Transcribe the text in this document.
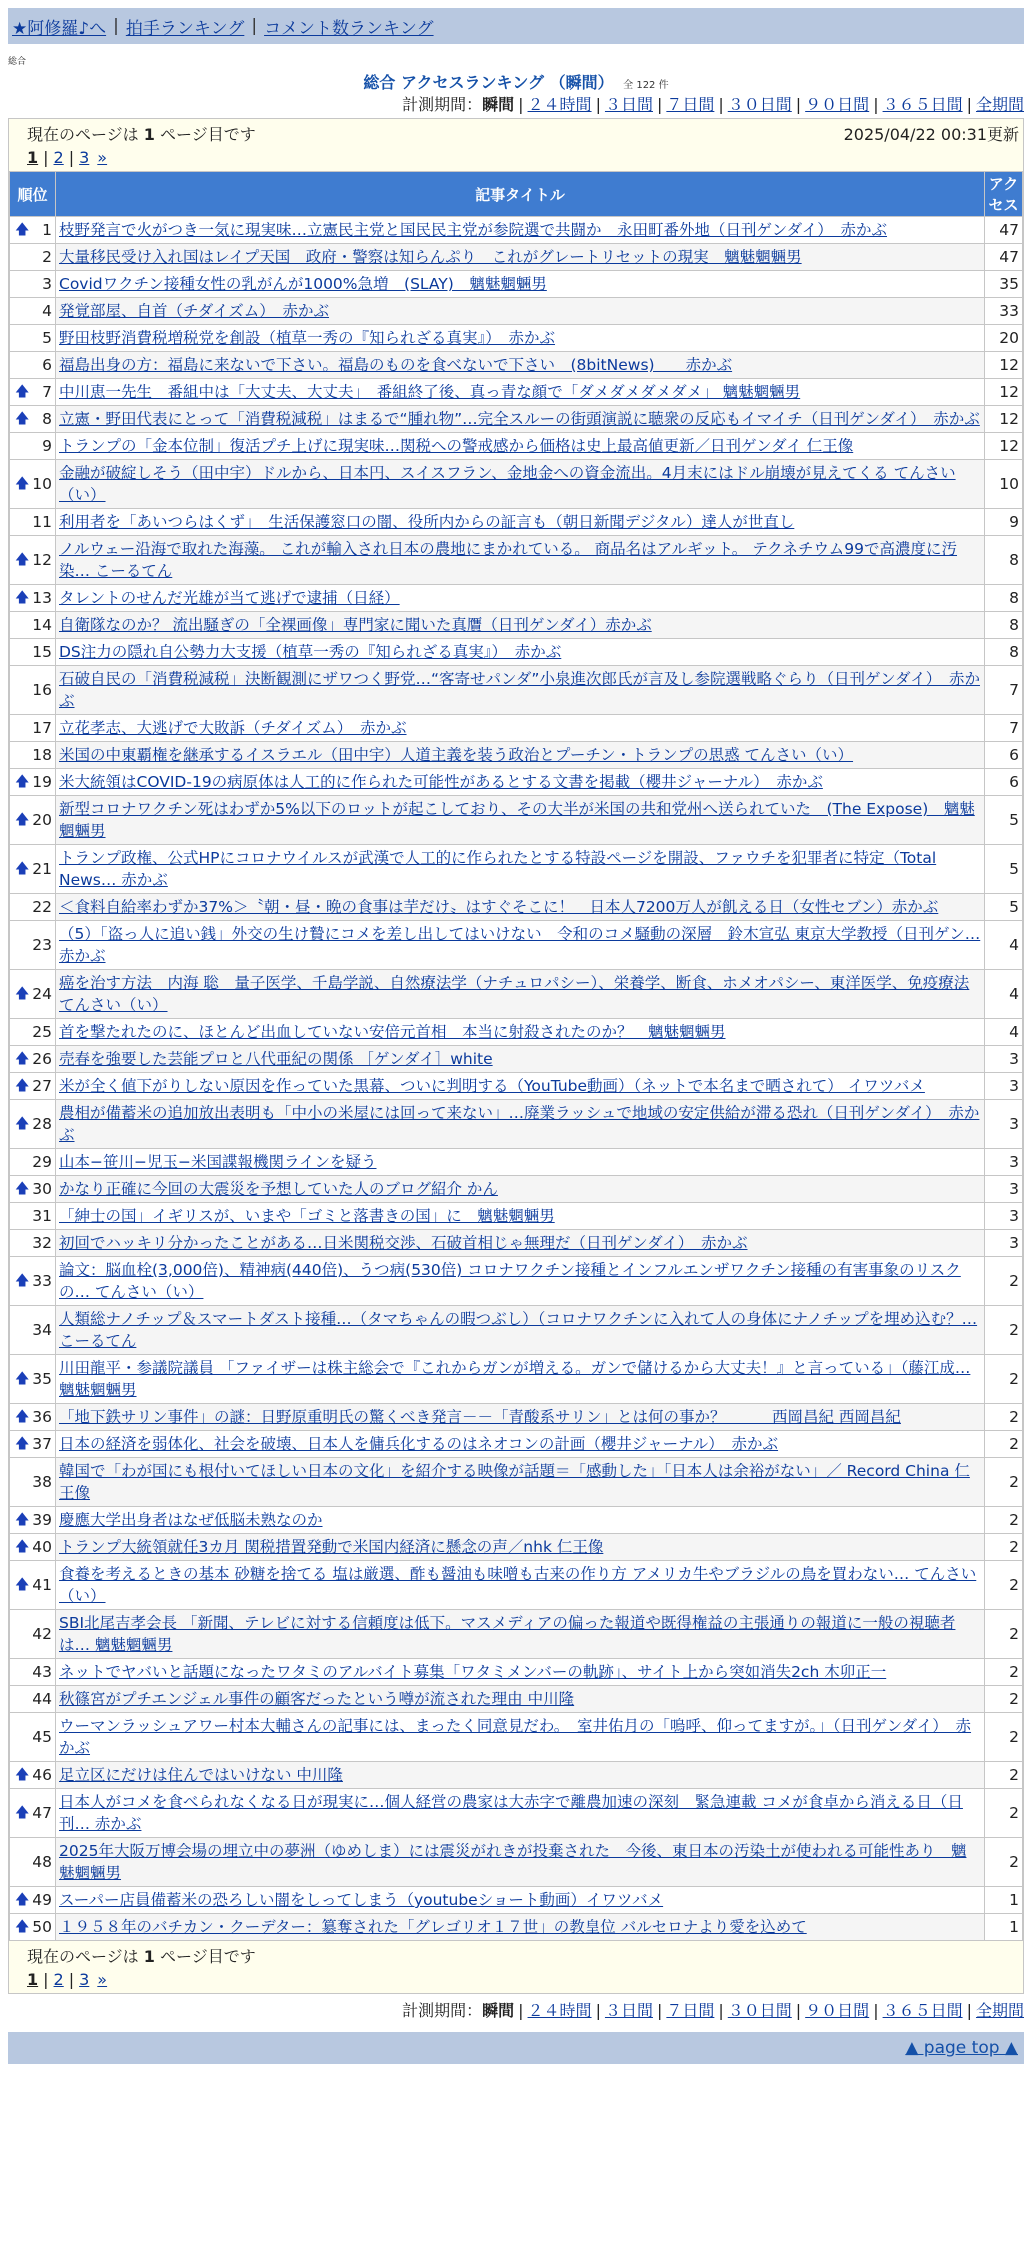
★阿修羅♪へ | 拍手ランキング | コメント数ランキング
総合
総合 アクセスランキング （瞬間） 全 122 件
計測期間：瞬間 | ２４時間 | ３日間 | ７日間 | ３０日間 | ９０日間 | ３６５日間 | 全期間
現在のページは 1 ページ目です	2025/04/22 00:31更新
1 | 2 | 3 »
順位	記事タイトル	アクセス

🡅 1	枝野発言で火がつき一気に現実味…立憲民主党と国民民主党が参院選で共闘か　永田町番外地（日刊ゲンダイ）　赤かぶ	47
2	大量移民受け入れ国はレイプ天国　政府・警察は知らんぷり　これがグレートリセットの現実　魑魅魍魎男	47
3	Covidワクチン接種女性の乳がんが1000%急増　(SLAY)　魑魅魍魎男	35
4	発覚部屋、自首（チダイズム）　赤かぶ	33
5	野田枝野消費税増税党を創設（植草一秀の『知られざる真実』）　赤かぶ	20
6	福島出身の方：福島に来ないで下さい。福島のものを食べないで下さい　(8bitNews)　　赤かぶ	12

🡅 7	中川恵一先生　番組中は「大丈夫、大丈夫」　番組終了後、真っ青な顔で「ダメダメダメダメ」 魑魅魍魎男	12

🡅 8	立憲・野田代表にとって「消費税減税」はまるで“腫れ物”…完全スルーの街頭演説に聴衆の反応もイマイチ（日刊ゲンダイ）　赤かぶ	12
9	トランプの「金本位制」復活プチ上げに現実味…関税への警戒感から価格は史上最高値更新／日刊ゲンダイ 仁王像	12

🡅 10	金融が破綻しそう（田中宇）ドルから、日本円、スイスフラン、金地金への資金流出。4月末にはドル崩壊が見えてくる てんさい（い）	10
11	利用者を「あいつらはくず」　生活保護窓口の闇、役所内からの証言も（朝日新聞デジタル）達人が世直し	9

🡅 12	ノルウェー沿海で取れた海藻。 これが輸入され日本の農地にまかれている。 商品名はアルギット。 テクネチウム99で高濃度に汚染… こーるてん	8

🡅 13	タレントのせんだ光雄が当て逃げで逮捕（日経）	8
14	自衛隊なのか？ 流出騒ぎの「全裸画像」専門家に聞いた真贋（日刊ゲンダイ）赤かぶ	8
15	DS注力の隠れ自公勢力大支援（植草一秀の『知られざる真実』）　赤かぶ	8
16	石破自民の「消費税減税」決断観測にザワつく野党…“客寄せパンダ”小泉進次郎氏が言及し参院選戦略ぐらり（日刊ゲンダイ）　赤かぶ	7
17	立花孝志、大逃げで大敗訴（チダイズム）　赤かぶ	7
18	米国の中東覇権を継承するイスラエル（田中宇）人道主義を装う政治とプーチン・トランプの思惑 てんさい（い）	6

🡅 19	米大統領はCOVID-19の病原体は人工的に作られた可能性があるとする文書を掲載（櫻井ジャーナル）　赤かぶ	6

🡅 20	新型コロナワクチン死はわずか5%以下のロットが起こしており、その大半が米国の共和党州へ送られていた　(The Expose)　魑魅魍魎男	5

🡅 21	トランプ政権、公式HPにコロナウイルスが武漢で人工的に作られたとする特設ページを開設、ファウチを犯罪者に特定（Total News… 赤かぶ	5
22	＜食料自給率わずか37%＞〝朝・昼・晩の食事は芋だけ〟はすぐそこに！　日本人7200万人が飢える日（女性セブン）赤かぶ	5
23	（5）「盗っ人に追い銭」外交の生け贄にコメを差し出してはいけない　令和のコメ騒動の深層　鈴木宣弘 東京大学教授（日刊ゲン… 赤かぶ	4

🡅 24	癌を治す方法　内海 聡　量子医学、千島学説、自然療法学（ナチュロパシー）、栄養学、断食、ホメオパシー、東洋医学、免疫療法 てんさい（い）	4
25	首を撃たれたのに、ほとんど出血していない安倍元首相　本当に射殺されたのか？　魑魅魍魎男	4

🡅 26	売春を強要した芸能プロと八代亜紀の関係 ［ゲンダイ］white	3

🡅 27	米が全く値下がりしない原因を作っていた黒幕、ついに判明する（YouTube動画）（ネットで本名まで晒されて） イワツバメ	3

🡅 28	農相が備蓄米の追加放出表明も「中小の米屋には回って来ない」…廃業ラッシュで地域の安定供給が滞る恐れ（日刊ゲンダイ）　赤かぶ	3
29	山本−笹川−児玉−米国諜報機関ラインを疑う	3

🡅 30	かなり正確に今回の大震災を予想していた人のブログ紹介 かん	3
31	「紳士の国」イギリスが、いまや「ゴミと落書きの国」に　魑魅魍魎男	3
32	初回でハッキリ分かったことがある…日米関税交渉、石破首相じゃ無理だ（日刊ゲンダイ）　赤かぶ	3

🡅 33	論文：脳血栓(3,000倍)、精神病(440倍)、うつ病(530倍) コロナワクチン接種とインフルエンザワクチン接種の有害事象のリスクの… てんさい（い）	2
34	人類総ナノチップ＆スマートダスト接種…（タマちゃんの暇つぶし）（コロナワクチンに入れて人の身体にナノチップを埋め込む？… こーるてん	2

🡅 35	川田龍平・参議院議員 「ファイザーは株主総会で『これからガンが増える。ガンで儲けるから大丈夫！』と言っている」（藤江成… 魑魅魍魎男	2

🡅 36	「地下鉄サリン事件」の謎：日野原重明氏の驚くべき発言－－「青酸系サリン」とは何の事か？　　　西岡昌紀 西岡昌紀	2

🡅 37	日本の経済を弱体化、社会を破壊、日本人を傭兵化するのはネオコンの計画（櫻井ジャーナル）　赤かぶ	2
38	韓国で「わが国にも根付いてほしい日本の文化」を紹介する映像が話題＝「感動した」「日本人は余裕がない」／ Record China 仁王像	2

🡅 39	慶應大学出身者はなぜ低脳未熟なのか	2

🡅 40	トランプ大統領就任3カ月 関税措置発動で米国内経済に懸念の声／nhk 仁王像	2

🡅 41	食養を考えるときの基本 砂糖を捨てる 塩は厳選、酢も醤油も味噌も古来の作り方 アメリカ牛やブラジルの鳥を買わない… てんさい（い）	2
42	SBI北尾吉孝会長 「新聞、テレビに対する信頼度は低下。マスメディアの偏った報道や既得権益の主張通りの報道に一般の視聴者は… 魑魅魍魎男	2
43	ネットでヤバいと話題になったワタミのアルバイト募集「ワタミメンバーの軌跡」、サイト上から突如消失2ch 木卯正一	2
44	秋篠宮がプチエンジェル事件の顧客だったという噂が流された理由 中川隆	2
45	ウーマンラッシュアワー村本大輔さんの記事には、まったく同意見だわ。　室井佑月の「嗚呼、仰ってますが。」（日刊ゲンダイ）　赤かぶ	2

🡅 46	足立区にだけは住んではいけない 中川隆	2

🡅 47	日本人がコメを食べられなくなる日が現実に…個人経営の農家は大赤字で離農加速の深刻　緊急連載 コメが食卓から消える日（日刊… 赤かぶ	2
48	2025年大阪万博会場の埋立中の夢洲（ゆめしま）には震災がれきが投棄された　今後、東日本の汚染土が使われる可能性あり　魑魅魍魎男	2

🡅 49	スーパー店員備蓄米の恐ろしい闇をしってしまう（youtubeショート動画）イワツバメ	1

🡅 50	１９５８年のバチカン・クーデター：簒奪された「グレゴリオ１７世」の教皇位 バルセロナより愛を込めて	1
現在のページは 1 ページ目です
1 | 2 | 3 »
計測期間：瞬間 | ２４時間 | ３日間 | ７日間 | ３０日間 | ９０日間 | ３６５日間 | 全期間
▲ page top ▲
